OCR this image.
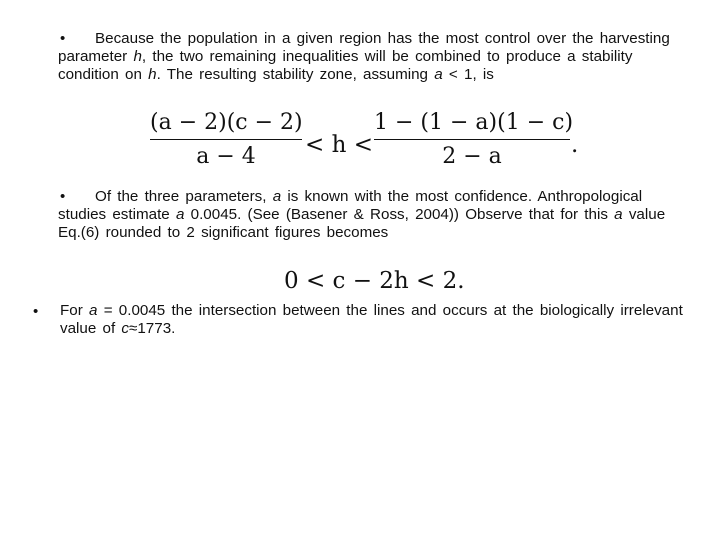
•	Because the population in a given region has the most control over the harvesting
parameter h, the two remaining inequalities will be combined to produce a stability
condition on h. The resulting stability zone, assuming a < 1, is
(a − 2)(c − 2)
a − 4	< h <
1 − (1 − a)(1 − c)
2 − a	.
•	Of the three parameters, a is known with the most confidence. Anthropological
studies estimate a 0.0045. (See (Basener & Ross, 2004)) Observe that for this a value
Eq.(6) rounded to 2 significant figures becomes
0 < c − 2h < 2.
• For a = 0.0045 the intersection between the lines and occurs at the biologically irrelevant
value of c≈1773.
